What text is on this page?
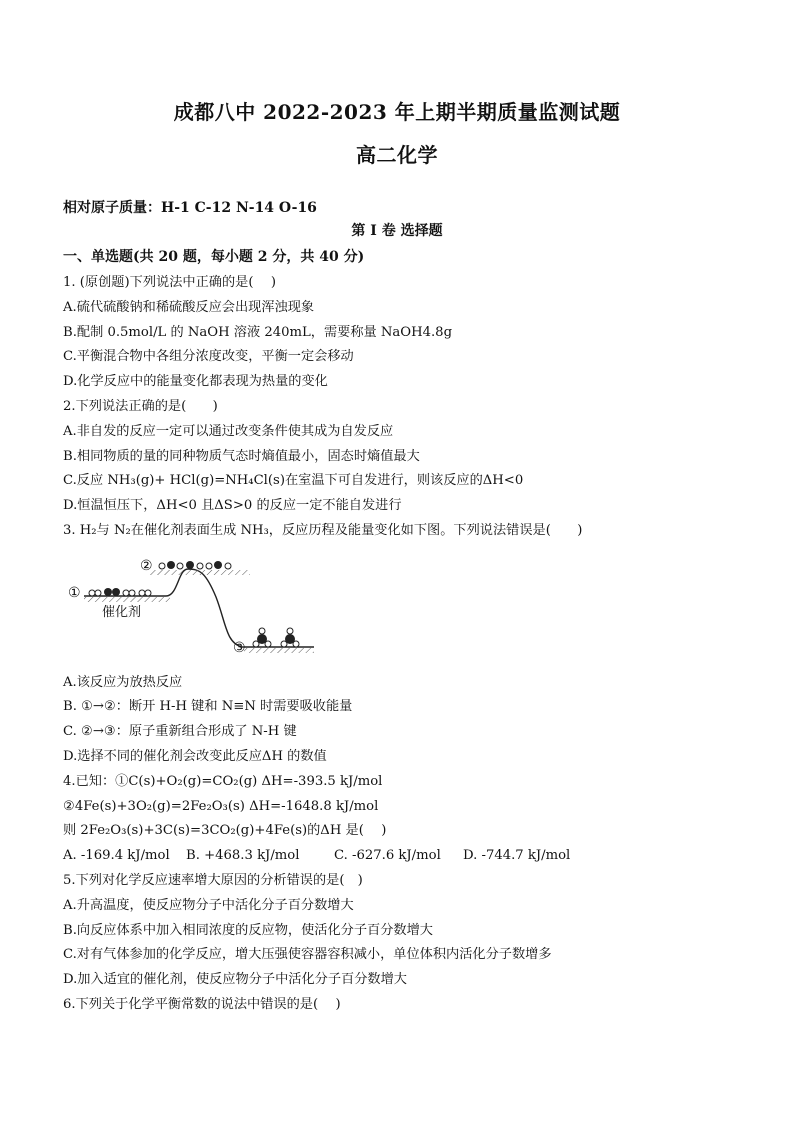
成都八中 2022-2023 年上期半期质量监测试题
高二化学
相对原子质量：H-1 C-12 N-14 O-16
第 Ⅰ 卷 选择题
一、单选题(共 20 题，每小题 2 分，共 40 分)
1. (原创题)下列说法中正确的是(　 )
A.硫代硫酸钠和稀硫酸反应会出现浑浊现象
B.配制 0.5mol/L 的 NaOH 溶液 240mL，需要称量 NaOH4.8g
C.平衡混合物中各组分浓度改变，平衡一定会移动
D.化学反应中的能量变化都表现为热量的变化
2.下列说法正确的是(　　)
A.非自发的反应一定可以通过改变条件使其成为自发反应
B.相同物质的量的同种物质气态时熵值最小，固态时熵值最大
C.反应 NH₃(g)+ HCl(g)=NH₄Cl(s)在室温下可自发进行，则该反应的ΔH<0
D.恒温恒压下，ΔH<0 且ΔS>0 的反应一定不能自发进行
3. H₂与 N₂在催化剂表面生成 NH₃，反应历程及能量变化如下图。下列说法错误是(　　)
①
②
③
催化剂
A.该反应为放热反应
B. ①→②：断开 H-H 键和 N≡N 时需要吸收能量
C. ②→③：原子重新组合形成了 N-H 键
D.选择不同的催化剂会改变此反应ΔH 的数值
4.已知：①C(s)+O₂(g)=CO₂(g) ΔH=-393.5 kJ/mol
②4Fe(s)+3O₂(g)=2Fe₂O₃(s) ΔH=-1648.8 kJ/mol
则 2Fe₂O₃(s)+3C(s)=3CO₂(g)+4Fe(s)的ΔH 是(　 )
A. -169.4 kJ/mol B. +468.3 kJ/mol	C. -627.6 kJ/mol D. -744.7 kJ/mol
5.下列对化学反应速率增大原因的分析错误的是(　)
A.升高温度，使反应物分子中活化分子百分数增大
B.向反应体系中加入相同浓度的反应物，使活化分子百分数增大
C.对有气体参加的化学反应，增大压强使容器容积减小，单位体积内活化分子数增多
D.加入适宜的催化剂，使反应物分子中活化分子百分数增大
6.下列关于化学平衡常数的说法中错误的是(　 )
